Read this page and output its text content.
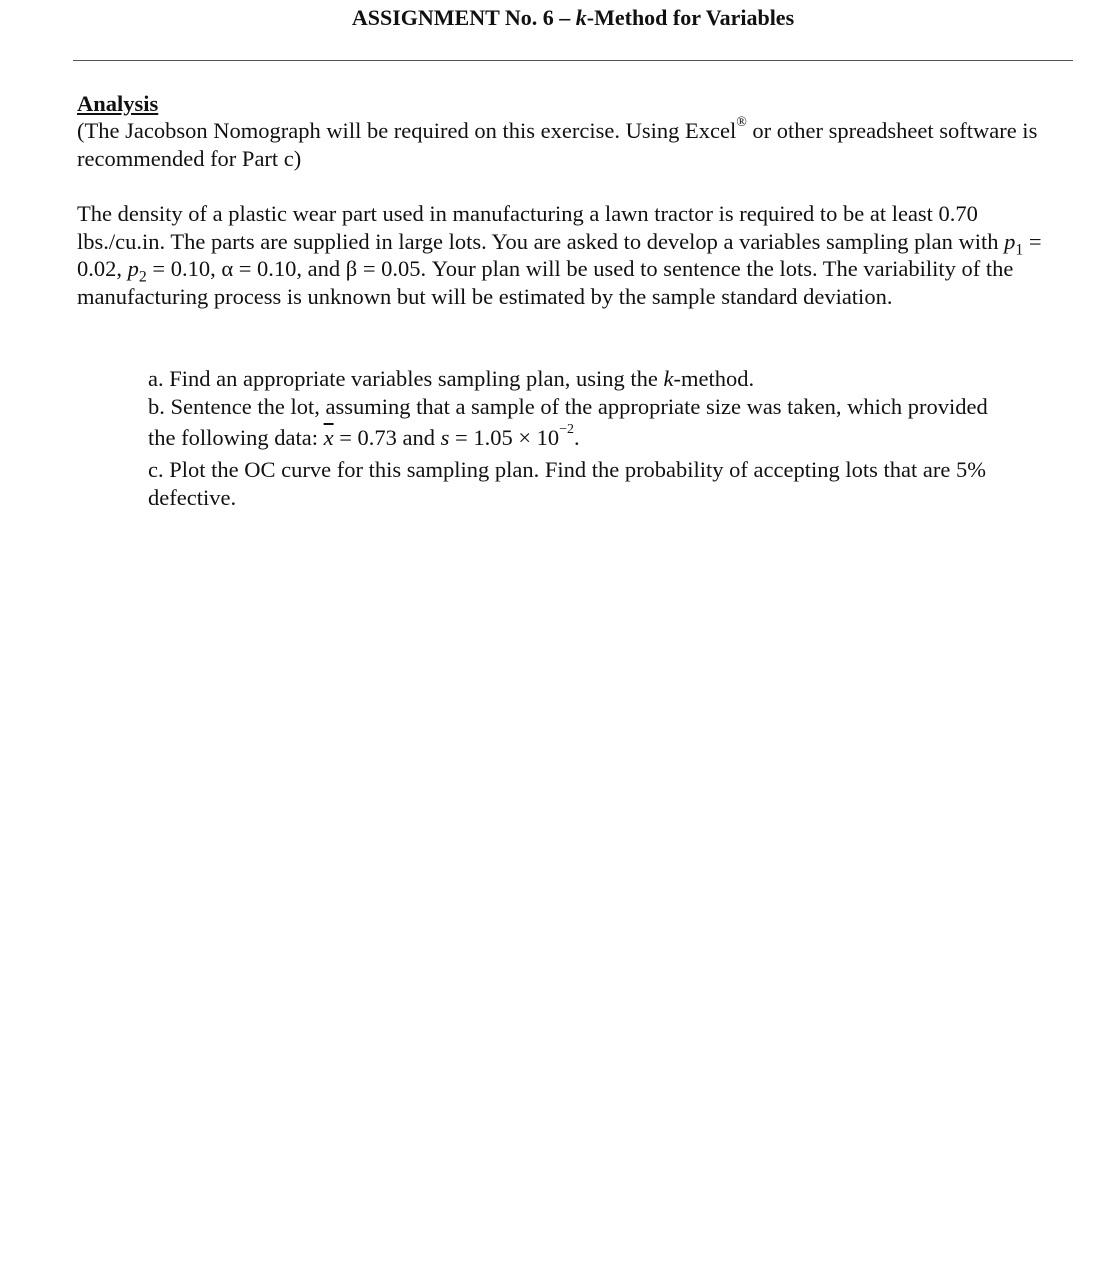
ASSIGNMENT No. 6 – k-Method for Variables
Analysis

(The Jacobson Nomograph will be required on this exercise. Using Excel® or other spreadsheet software is recommended for Part c)

The density of a plastic wear part used in manufacturing a lawn tractor is required to be at least 0.70 lbs./cu.in. The parts are supplied in large lots. You are asked to develop a variables sampling plan with $p_1 = 0.02$, $p_2 = 0.10$, α = 0.10, and β = 0.05. Your plan will be used to sentence the lots. The variability of the manufacturing process is unknown but will be estimated by the sample standard deviation.

a. Find an appropriate variables sampling plan, using the k-method.
b. Sentence the lot, assuming that a sample of the appropriate size was taken, which provided
the following data: $\overline{x} = 0.73$ and $s = 1.05 \times 10^{-2}$.
c. Plot the OC curve for this sampling plan. Find the probability of accepting lots that are 5% defective.
